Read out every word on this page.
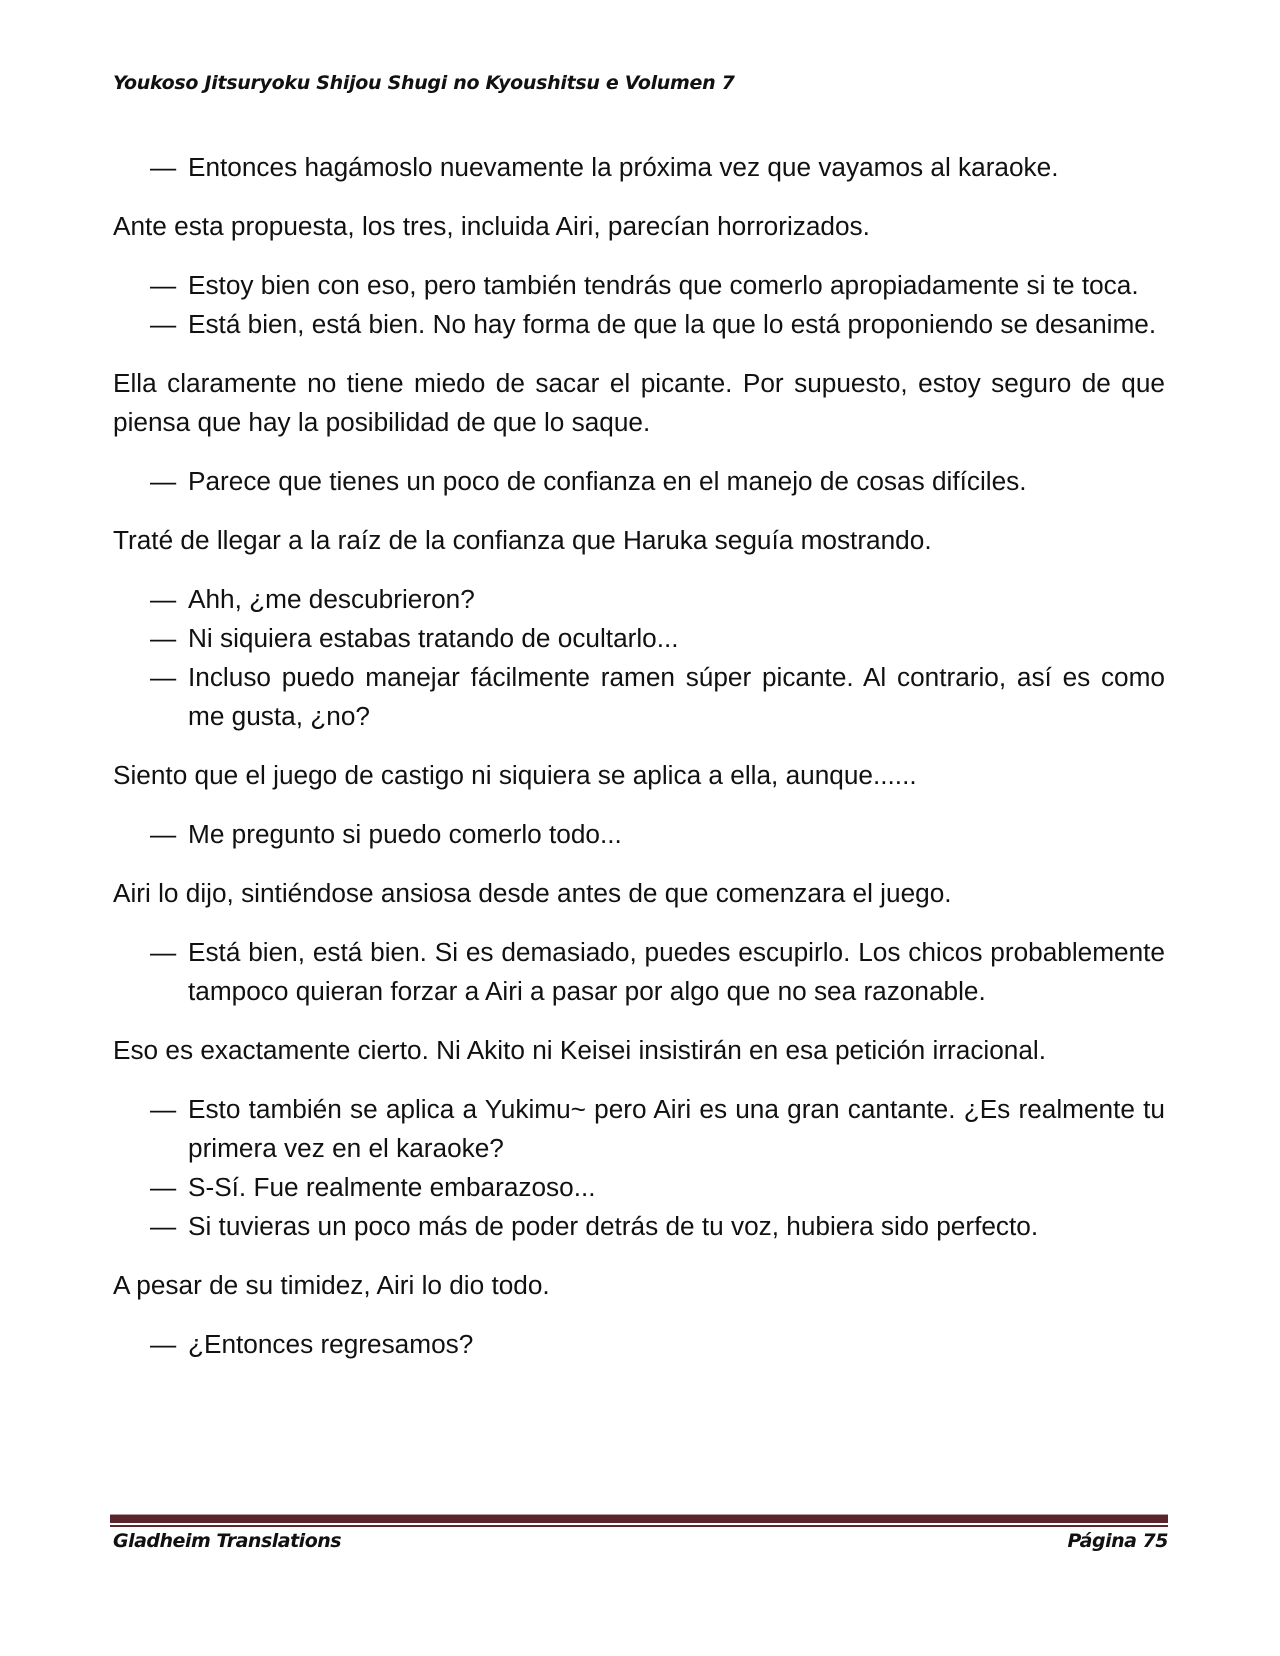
Youkoso Jitsuryoku Shijou Shugi no Kyoushitsu e Volumen 7
— Entonces hagámoslo nuevamente la próxima vez que vayamos al karaoke.

Ante esta propuesta, los tres, incluida Airi, parecían horrorizados.

— Estoy bien con eso, pero también tendrás que comerlo apropiadamente si te toca.
— Está bien, está bien. No hay forma de que la que lo está proponiendo se desanime.

Ella claramente no tiene miedo de sacar el picante. Por supuesto, estoy seguro de que piensa que hay la posibilidad de que lo saque.

— Parece que tienes un poco de confianza en el manejo de cosas difíciles.

Traté de llegar a la raíz de la confianza que Haruka seguía mostrando.

— Ahh, ¿me descubrieron?
— Ni siquiera estabas tratando de ocultarlo...
— Incluso puedo manejar fácilmente ramen súper picante. Al contrario, así es como me gusta, ¿no?

Siento que el juego de castigo ni siquiera se aplica a ella, aunque......

— Me pregunto si puedo comerlo todo...

Airi lo dijo, sintiéndose ansiosa desde antes de que comenzara el juego.

— Está bien, está bien. Si es demasiado, puedes escupirlo. Los chicos probablemente tampoco quieran forzar a Airi a pasar por algo que no sea razonable.

Eso es exactamente cierto. Ni Akito ni Keisei insistirán en esa petición irracional.

— Esto también se aplica a Yukimu~ pero Airi es una gran cantante. ¿Es realmente tu primera vez en el karaoke?
— S-Sí. Fue realmente embarazoso...
— Si tuvieras un poco más de poder detrás de tu voz, hubiera sido perfecto.

A pesar de su timidez, Airi lo dio todo.

— ¿Entonces regresamos?
Gladheim Translations	Página 75
